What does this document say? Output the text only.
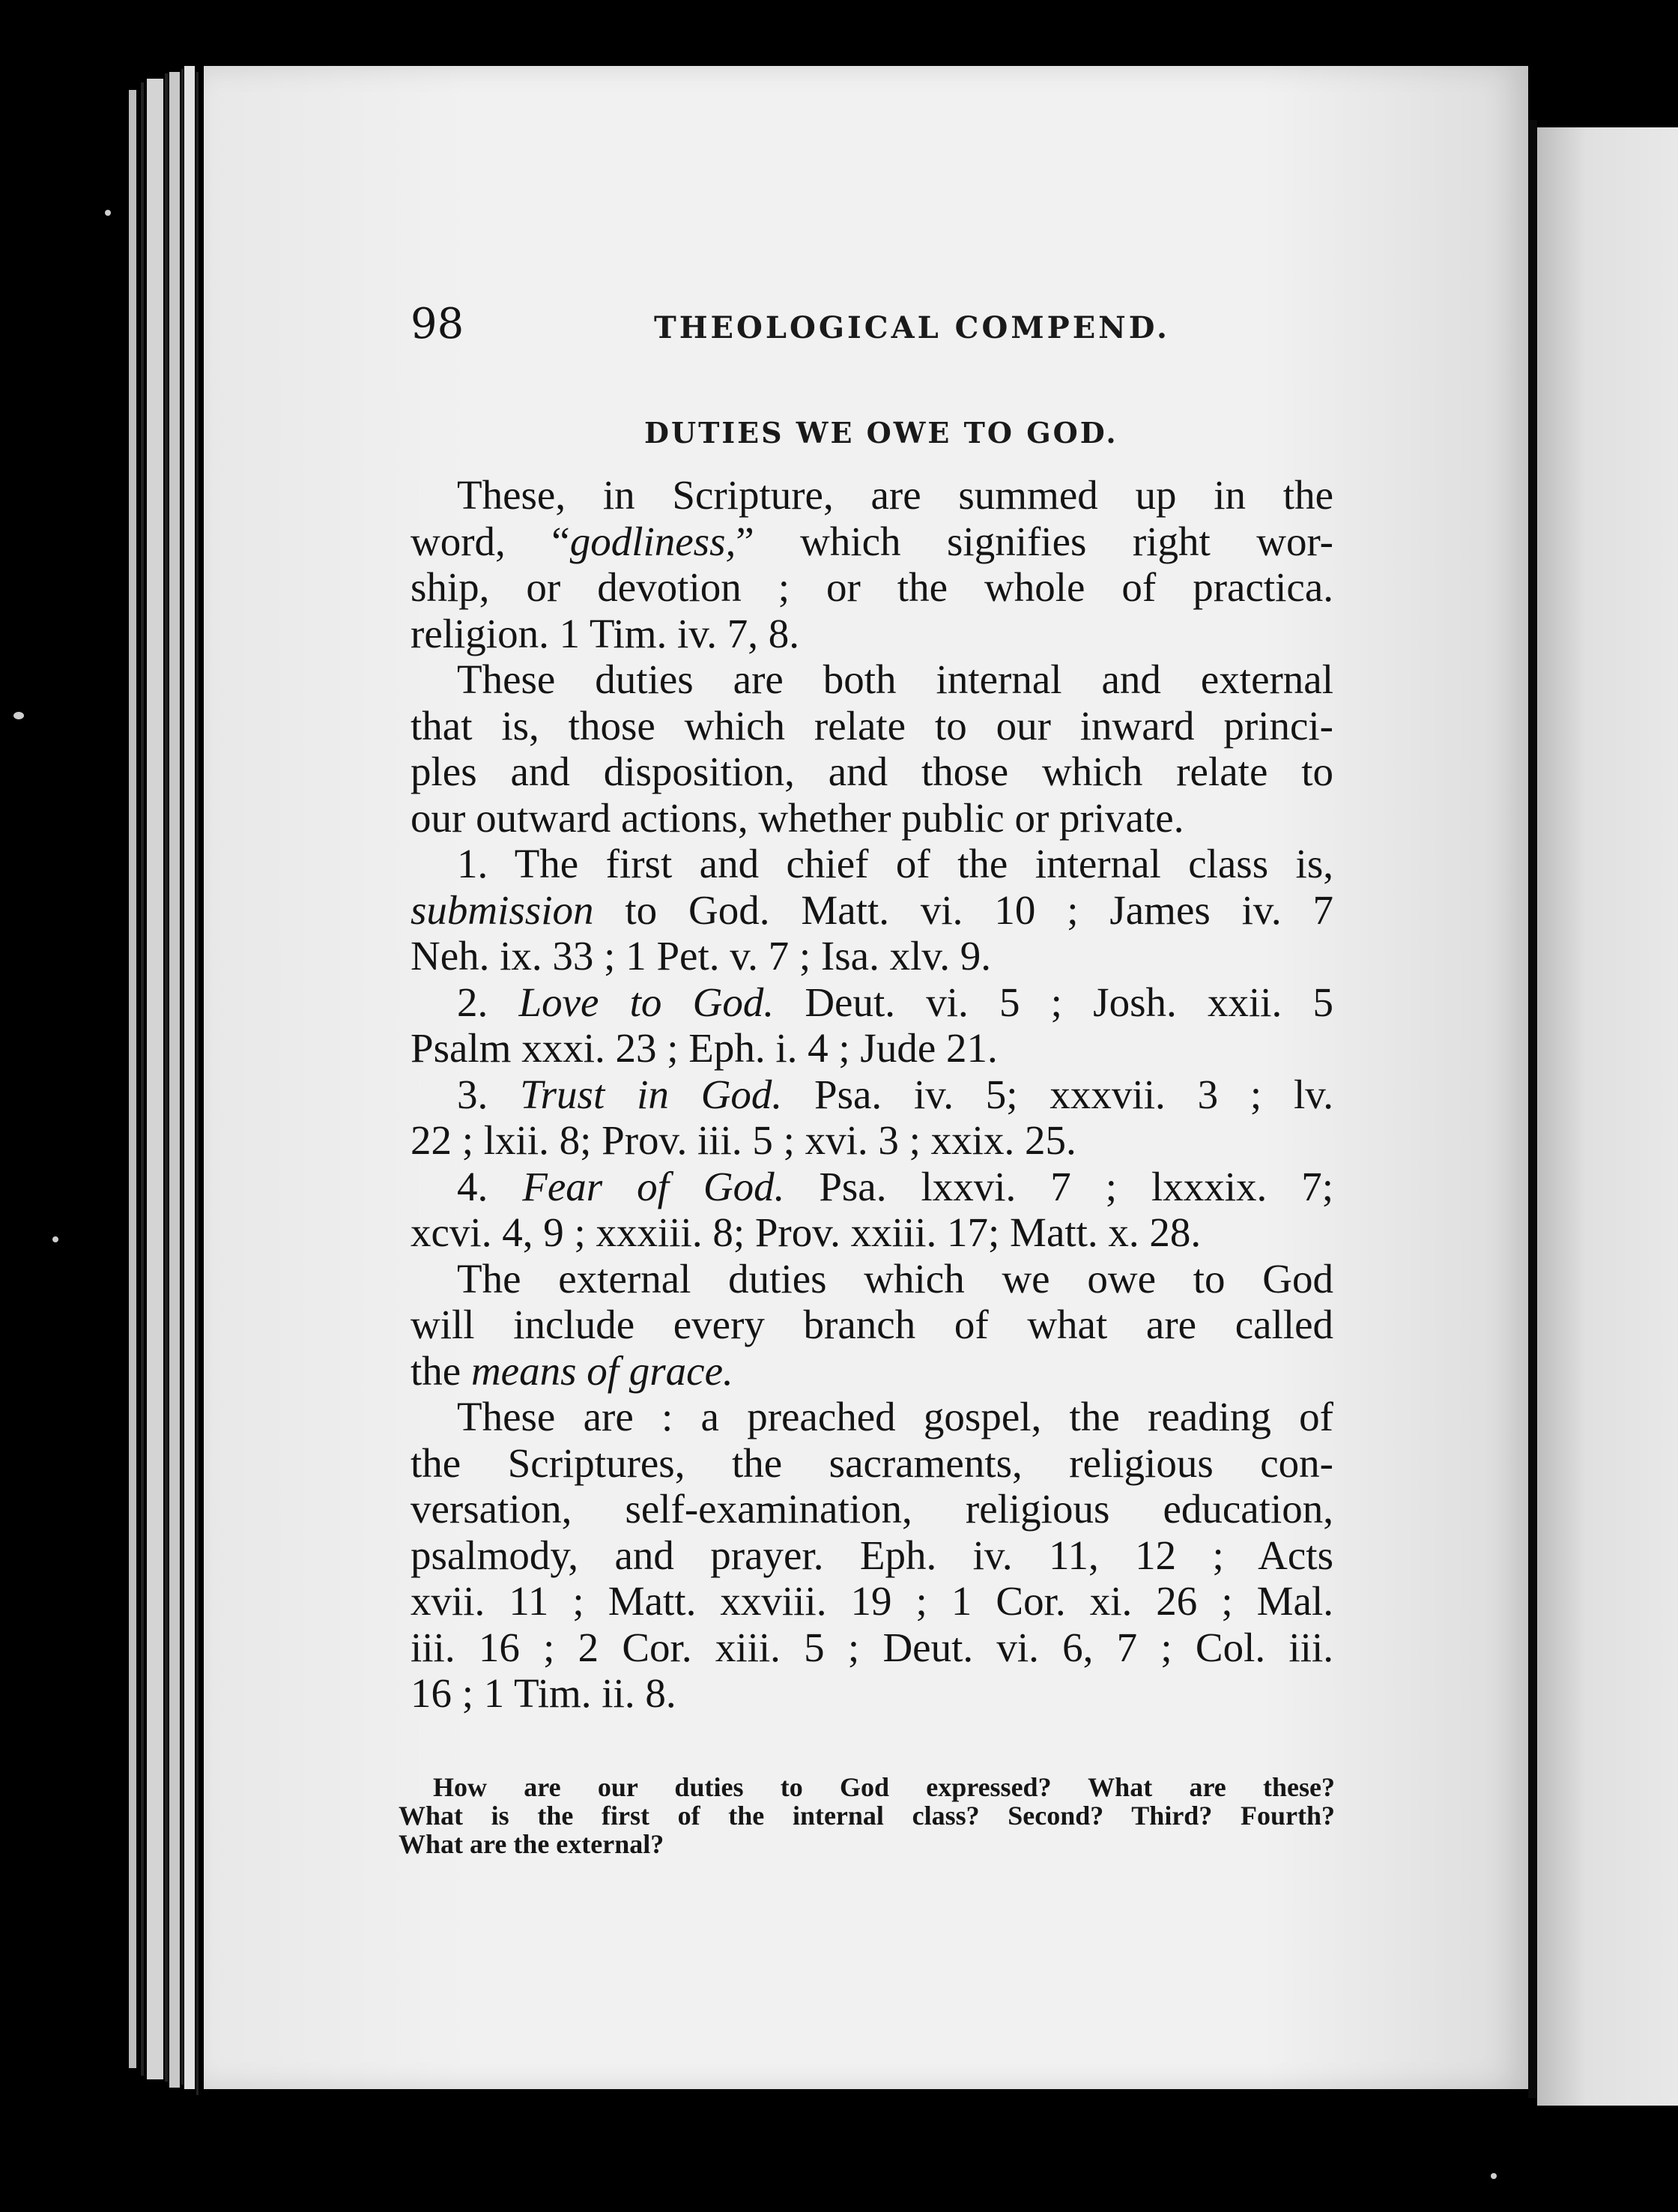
98	THEOLOGICAL COMPEND.
DUTIES WE OWE TO GOD.
These, in Scripture, are summed up in the
word, “godliness,” which signifies right wor-
ship, or devotion ; or the whole of practica.
religion. 1 Tim. iv. 7, 8.
These duties are both internal and external
that is, those which relate to our inward princi-
ples and disposition, and those which relate to
our outward actions, whether public or private.
1. The first and chief of the internal class is,
submission to God. Matt. vi. 10 ; James iv. 7
Neh. ix. 33 ; 1 Pet. v. 7 ; Isa. xlv. 9.
2. Love to God. Deut. vi. 5 ; Josh. xxii. 5
Psalm xxxi. 23 ; Eph. i. 4 ; Jude 21.
3. Trust in God. Psa. iv. 5; xxxvii. 3 ; lv.
22 ; lxii. 8; Prov. iii. 5 ; xvi. 3 ; xxix. 25.
4. Fear of God. Psa. lxxvi. 7 ; lxxxix. 7;
xcvi. 4, 9 ; xxxiii. 8; Prov. xxiii. 17; Matt. x. 28.
The external duties which we owe to God
will include every branch of what are called
the means of grace.
These are : a preached gospel, the reading of
the Scriptures, the sacraments, religious con-
versation, self-examination, religious education,
psalmody, and prayer. Eph. iv. 11, 12 ; Acts
xvii. 11 ; Matt. xxviii. 19 ; 1 Cor. xi. 26 ; Mal.
iii. 16 ; 2 Cor. xiii. 5 ; Deut. vi. 6, 7 ; Col. iii.
16 ; 1 Tim. ii. 8.
How are our duties to God expressed? What are these?
What is the first of the internal class? Second? Third? Fourth?
What are the external?
